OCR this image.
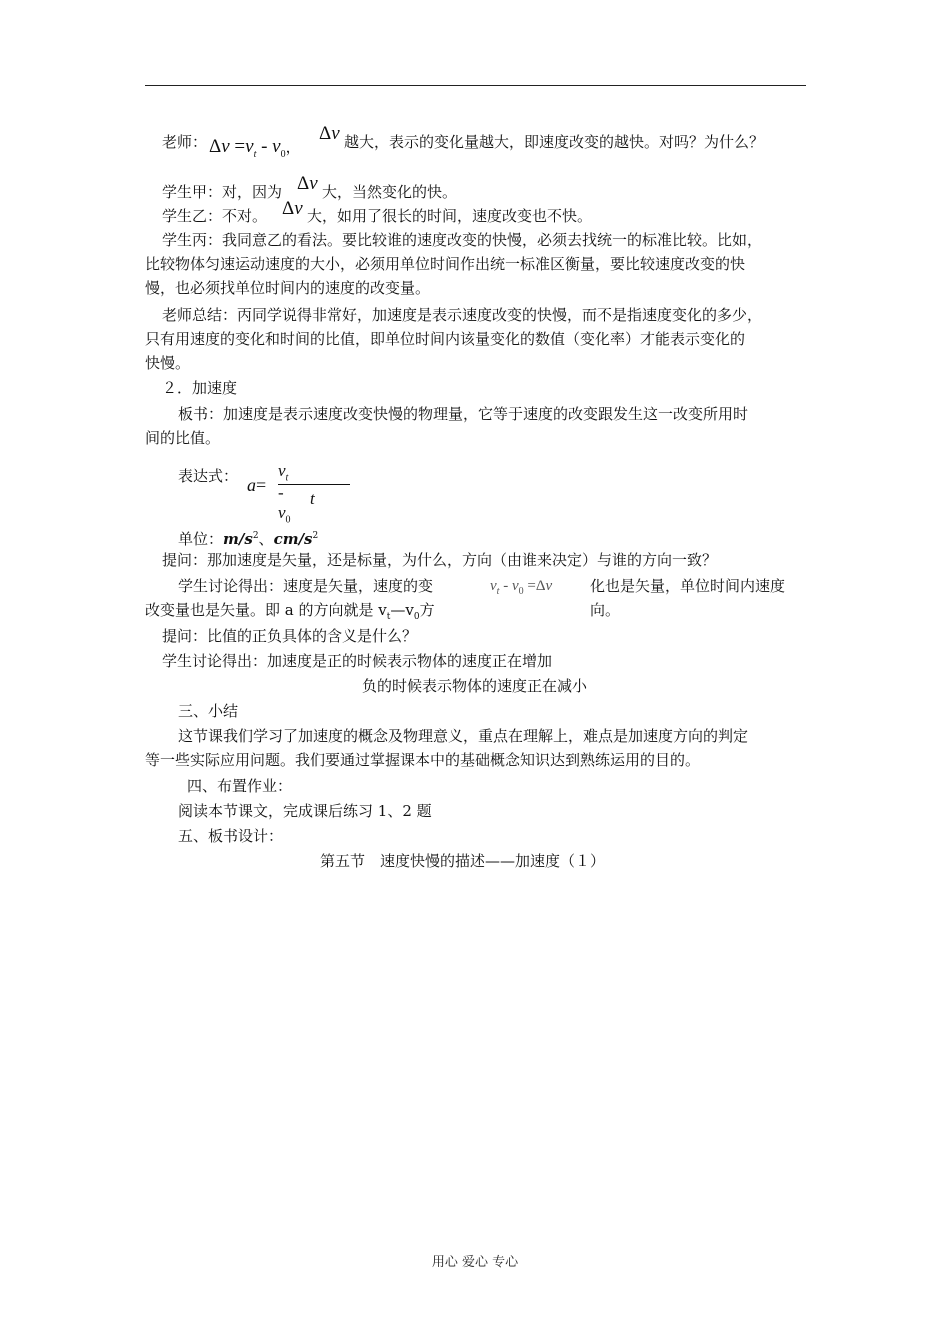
老师： $\Delta v =v_t - v_0$，
Δv 越大，表示的变化量越大，即速度改变的越快。对吗？为什么？
学生甲：对，因为 Δv 大，当然变化的快。
学生乙：不对。 Δv 大，如用了很长的时间，速度改变也不快。
学生丙：我同意乙的看法。要比较谁的速度改变的快慢，必须去找统一的标准比较。比如，
比较物体匀速运动速度的大小，必须用单位时间作出统一标准区衡量，要比较速度改变的快
慢，也必须找单位时间内的速度的改变量。
老师总结：丙同学说得非常好，加速度是表示速度改变的快慢，而不是指速度变化的多少，
只有用速度的变化和时间的比值，即单位时间内该量变化的数值（变化率）才能表示变化的
快慢。
２．加速度
板书：加速度是表示速度改变快慢的物理量，它等于速度的改变跟发生这一改变所用时
间的比值。
表达式： a=
$v_t - v_0$
t
单位：$m/s^2$、$cm/s^2$
提问：那加速度是矢量，还是标量，为什么，方向（由谁来决定）与谁的方向一致？
学生讨论得出：速度是矢量，速度的变	$v_t - v_0 =\Delta v$	化也是矢量，单位时间内速度
改变量也是矢量。即 a 的方向就是 $v_t—v_0$方	向。
提问：比值的正负具体的含义是什么？
学生讨论得出：加速度是正的时候表示物体的速度正在增加
负的时候表示物体的速度正在减小
三、小结
这节课我们学习了加速度的概念及物理意义，重点在理解上，难点是加速度方向的判定
等一些实际应用问题。我们要通过掌握课本中的基础概念知识达到熟练运用的目的。
四、布置作业：
阅读本节课文，完成课后练习 1、2 题
五、板书设计：
第五节　速度快慢的描述——加速度（１）
用心 爱心 专心
